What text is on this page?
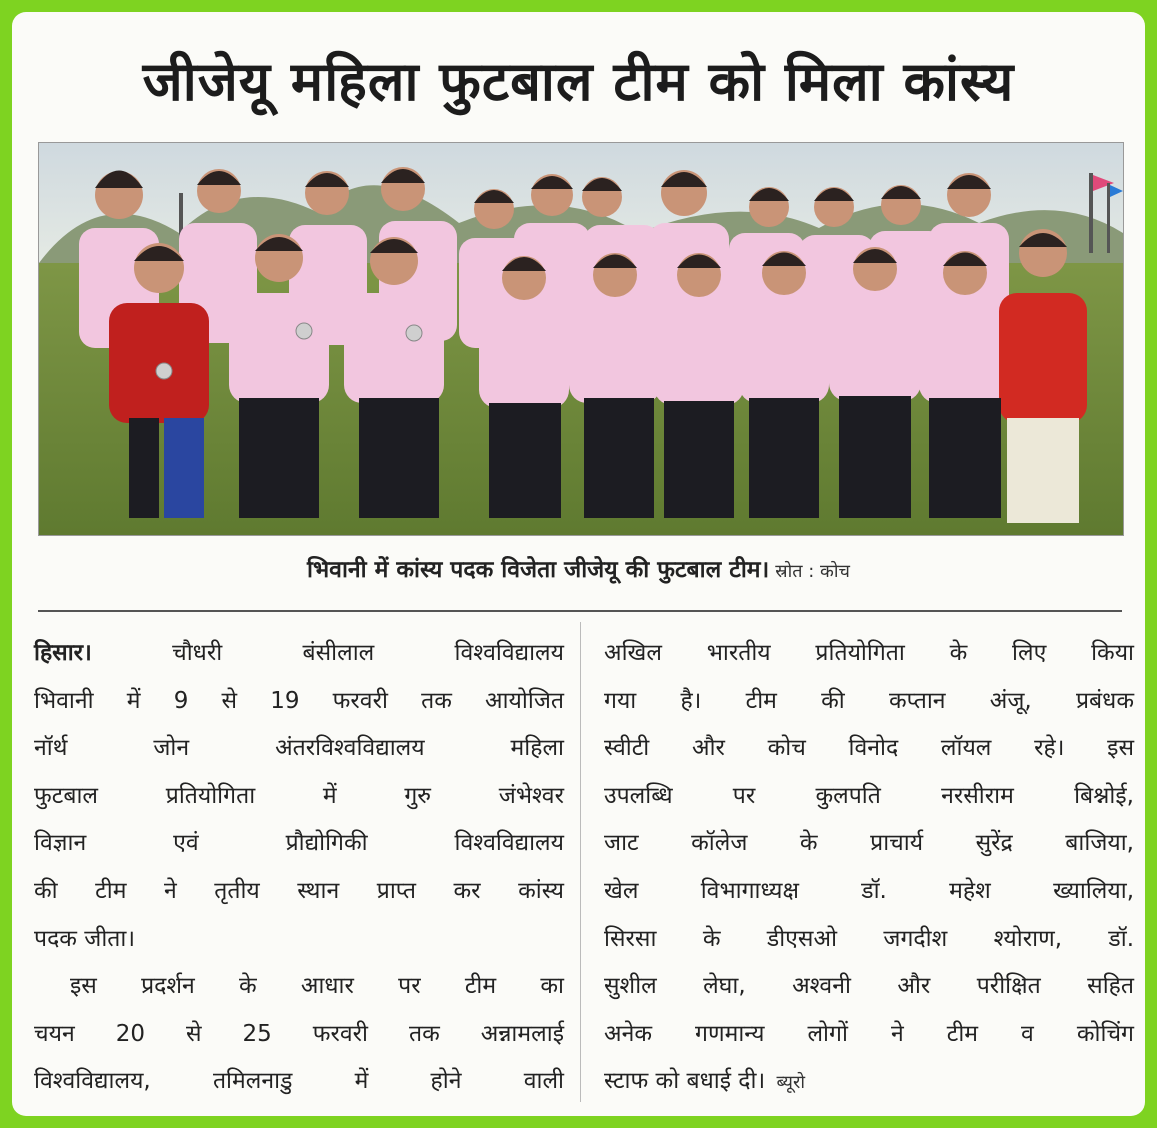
जीजेयू महिला फुटबाल टीम को मिला कांस्य

भिवानी में कांस्य पदक विजेता जीजेयू की फुटबाल टीम। स्रोत : कोच

हिसार।	चौधरी बंसीलाल विश्वविद्यालय
भिवानी में 9 से 19 फरवरी तक आयोजित
नॉर्थ जोन अंतरविश्वविद्यालय महिला
फुटबाल प्रतियोगिता में गुरु जंभेश्वर
विज्ञान एवं प्रौद्योगिकी विश्वविद्यालय
की टीम ने तृतीय स्थान प्राप्त कर कांस्य
पदक जीता।
इस प्रदर्शन के आधार पर टीम का
चयन 20 से 25 फरवरी तक अन्नामलाई
विश्वविद्यालय, तमिलनाडु में होने वाली
अखिल भारतीय प्रतियोगिता के लिए किया
गया है। टीम की कप्तान अंजू, प्रबंधक
स्वीटी और कोच विनोद लॉयल रहे। इस
उपलब्धि पर कुलपति नरसीराम बिश्नोई,
जाट कॉलेज के प्राचार्य सुरेंद्र बाजिया,
खेल विभागाध्यक्ष डॉ. महेश ख्यालिया,
सिरसा के डीएसओ जगदीश श्योराण, डॉ.
सुशील लेघा, अश्वनी और परीक्षित सहित
अनेक गणमान्य लोगों ने टीम व कोचिंग
स्टाफ को बधाई दी। ब्यूरो
